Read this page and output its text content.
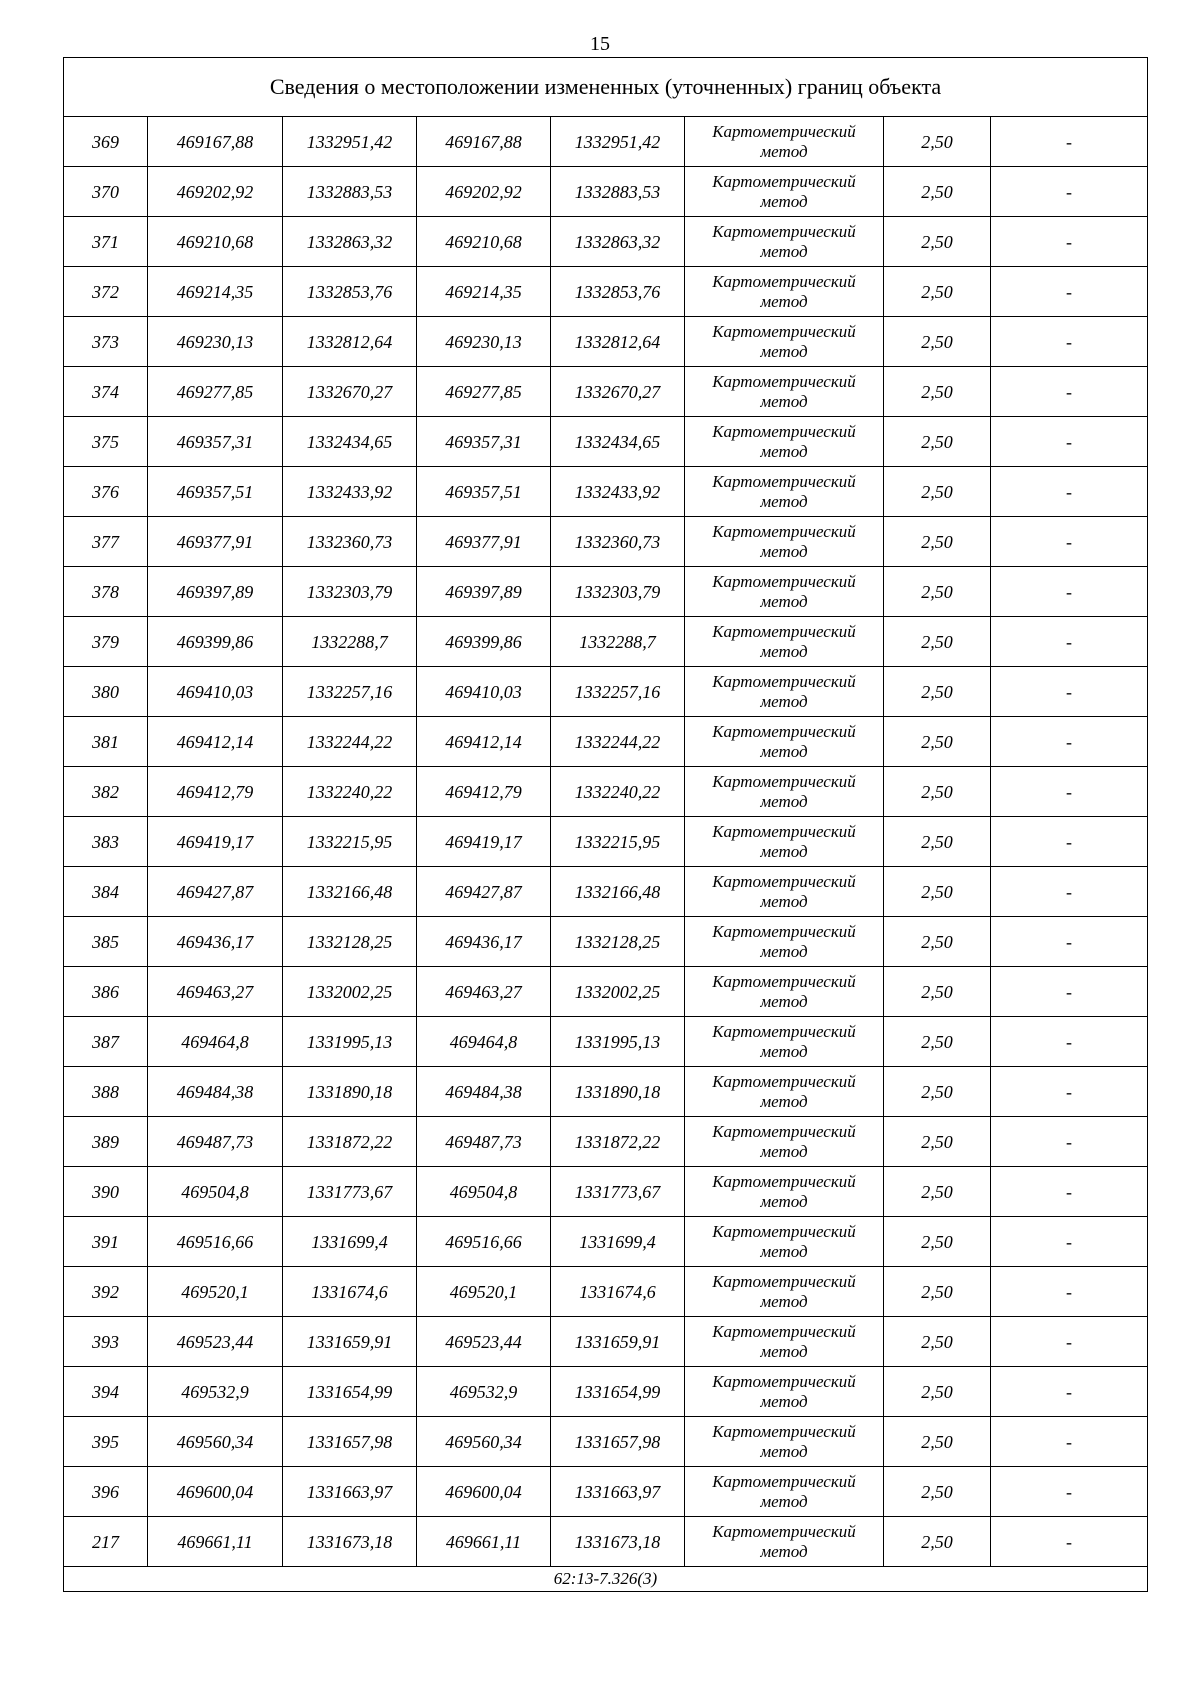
15
Сведения о местоположении измененных (уточненных) границ объекта							
369	469167,88	1332951,42	469167,88	1332951,42	Картометрический
метод	2,50	-
370	469202,92	1332883,53	469202,92	1332883,53	Картометрический
метод	2,50	-
371	469210,68	1332863,32	469210,68	1332863,32	Картометрический
метод	2,50	-
372	469214,35	1332853,76	469214,35	1332853,76	Картометрический
метод	2,50	-
373	469230,13	1332812,64	469230,13	1332812,64	Картометрический
метод	2,50	-
374	469277,85	1332670,27	469277,85	1332670,27	Картометрический
метод	2,50	-
375	469357,31	1332434,65	469357,31	1332434,65	Картометрический
метод	2,50	-
376	469357,51	1332433,92	469357,51	1332433,92	Картометрический
метод	2,50	-
377	469377,91	1332360,73	469377,91	1332360,73	Картометрический
метод	2,50	-
378	469397,89	1332303,79	469397,89	1332303,79	Картометрический
метод	2,50	-
379	469399,86	1332288,7	469399,86	1332288,7	Картометрический
метод	2,50	-
380	469410,03	1332257,16	469410,03	1332257,16	Картометрический
метод	2,50	-
381	469412,14	1332244,22	469412,14	1332244,22	Картометрический
метод	2,50	-
382	469412,79	1332240,22	469412,79	1332240,22	Картометрический
метод	2,50	-
383	469419,17	1332215,95	469419,17	1332215,95	Картометрический
метод	2,50	-
384	469427,87	1332166,48	469427,87	1332166,48	Картометрический
метод	2,50	-
385	469436,17	1332128,25	469436,17	1332128,25	Картометрический
метод	2,50	-
386	469463,27	1332002,25	469463,27	1332002,25	Картометрический
метод	2,50	-
387	469464,8	1331995,13	469464,8	1331995,13	Картометрический
метод	2,50	-
388	469484,38	1331890,18	469484,38	1331890,18	Картометрический
метод	2,50	-
389	469487,73	1331872,22	469487,73	1331872,22	Картометрический
метод	2,50	-
390	469504,8	1331773,67	469504,8	1331773,67	Картометрический
метод	2,50	-
391	469516,66	1331699,4	469516,66	1331699,4	Картометрический
метод	2,50	-
392	469520,1	1331674,6	469520,1	1331674,6	Картометрический
метод	2,50	-
393	469523,44	1331659,91	469523,44	1331659,91	Картометрический
метод	2,50	-
394	469532,9	1331654,99	469532,9	1331654,99	Картометрический
метод	2,50	-
395	469560,34	1331657,98	469560,34	1331657,98	Картометрический
метод	2,50	-
396	469600,04	1331663,97	469600,04	1331663,97	Картометрический
метод	2,50	-
217	469661,11	1331673,18	469661,11	1331673,18	Картометрический
метод	2,50	-
62:13-7.326(3)							
